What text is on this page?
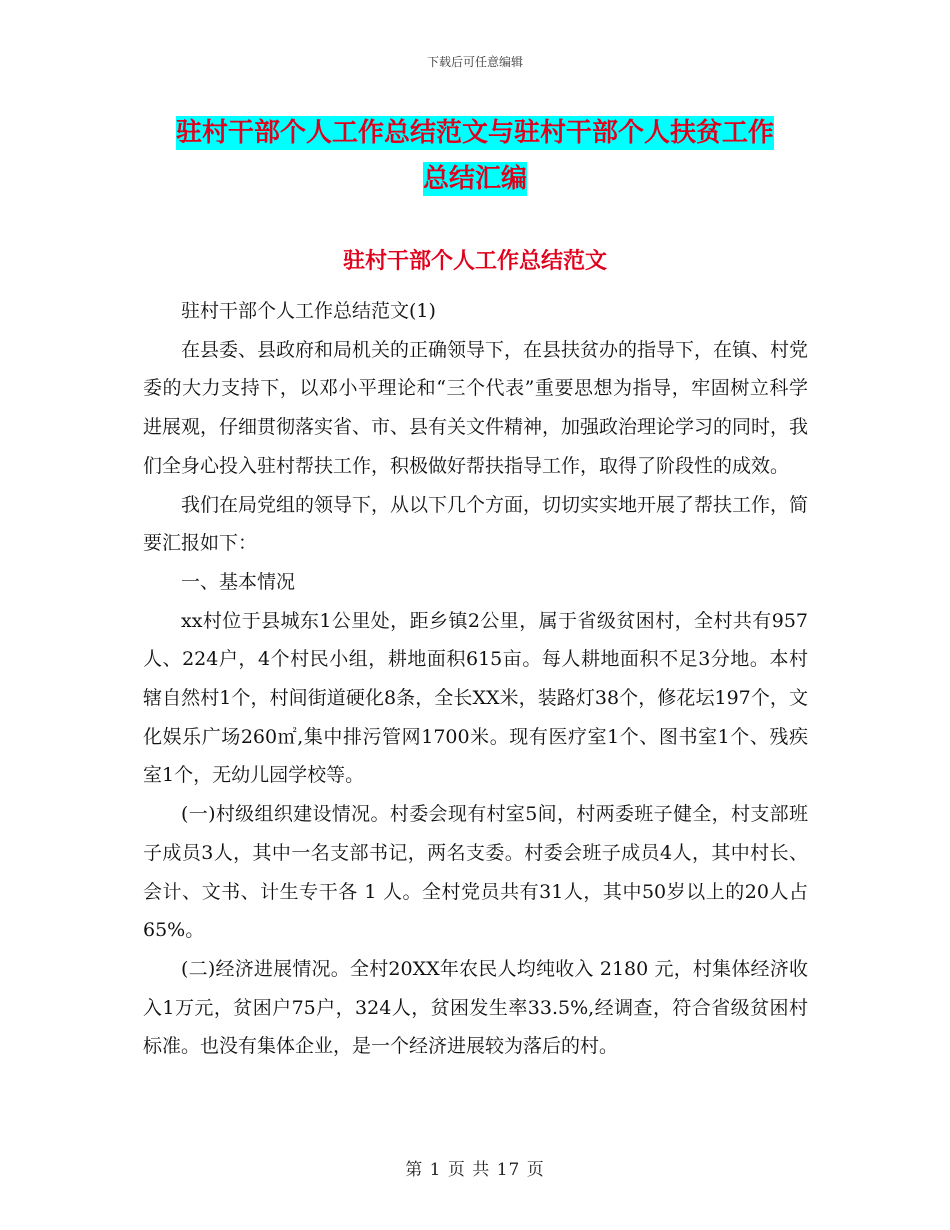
下载后可任意编辑
驻村干部个人工作总结范文与驻村干部个人扶贫工作
总结汇编
驻村干部个人工作总结范文

驻村干部个人工作总结范文(1)

在县委、县政府和局机关的正确领导下，在县扶贫办的指导下，在镇、村党委的大力支持下，以邓小平理论和“三个代表”重要思想为指导，牢固树立科学进展观，仔细贯彻落实省、市、县有关文件精神，加强政治理论学习的同时，我们全身心投入驻村帮扶工作，积极做好帮扶指导工作，取得了阶段性的成效。

我们在局党组的领导下，从以下几个方面，切切实实地开展了帮扶工作，简要汇报如下：

一、基本情况

xx村位于县城东1公里处，距乡镇2公里，属于省级贫困村，全村共有957人、224户，4个村民小组，耕地面积615亩。每人耕地面积不足3分地。本村辖自然村1个，村间街道硬化8条，全长XX米，装路灯38个，修花坛197个，文化娱乐广场260㎡,集中排污管网1700米。现有医疗室1个、图书室1个、残疾室1个，无幼儿园学校等。

(一)村级组织建设情况。村委会现有村室5间，村两委班子健全，村支部班子成员3人，其中一名支部书记，两名支委。村委会班子成员4人，其中村长、会计、文书、计生专干各 1 人。全村党员共有31人，其中50岁以上的20人占65%。

(二)经济进展情况。全村20XX年农民人均纯收入 2180 元，村集体经济收入1万元，贫困户75户，324人，贫困发生率33.5%,经调查，符合省级贫困村标准。也没有集体企业，是一个经济进展较为落后的村。

第 1 页 共 17 页
